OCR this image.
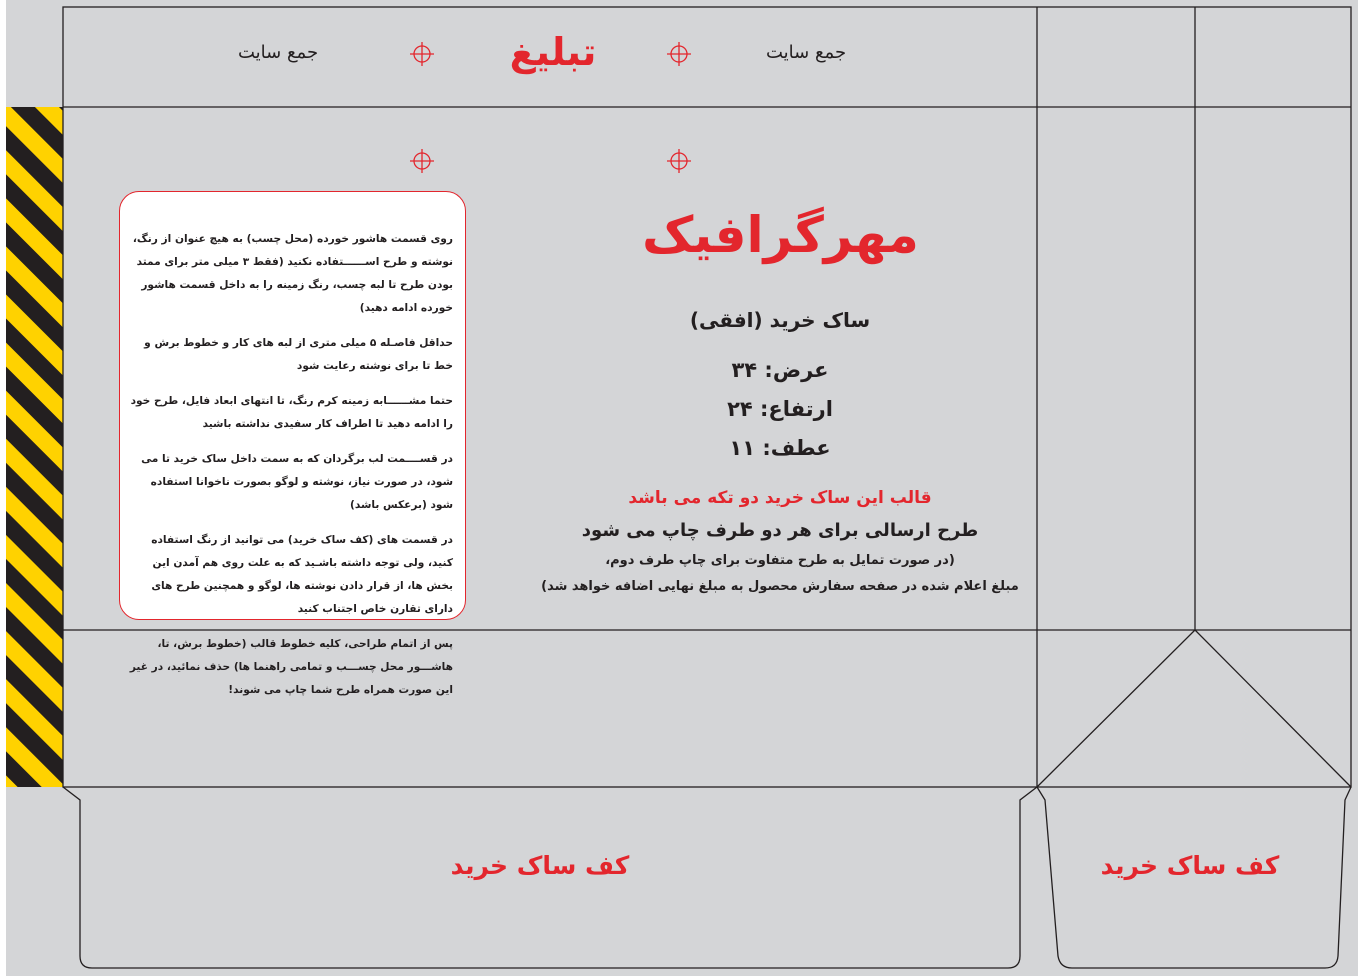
تبلیغ
ﺟﻤﻊ ﺳﺎﯾﺖ	ﺟﻤﻊ ﺳﺎﯾﺖ
مهرگرافیک
ساک خرید (افقی)
عرض: ۳۴
ارتفاع: ۲۴
عطف: ۱۱
قالب این ساک خرید دو تکه می باشد
طرح ارسالی برای هر دو طرف چاپ می شود
(در صورت تمایل به طرح متفاوت برای چاپ طرف دوم،
مبلغ اعلام شده در صفحه سفارش محصول به مبلغ نهایی اضافه خواهد شد)

روی قسمت هاشور خورده (محل چسب) به هیچ عنوان از رنگ، نوشته و طرح اســــــتفاده نکنید (فقط ۳ میلی متر برای ممتد بودن طرح تا لبه چسب، رنگ زمینه را به داخل قسمت هاشور خورده ادامه دهید)

حداقل فاصـله ۵ میلی متری از لبه های کار و خطوط برش و خط تا برای نوشته رعایت شود

حتما مشــــــابه زمینه کرم رنگ، تا انتهای ابعاد فایل، طرح خود را ادامه دهید تا اطراف کار سفیدی نداشته باشید

در قســــمت لب برگردان که به سمت داخل ساک خرید تا می شود، در صورت نیاز، نوشته و لوگو بصورت ناخوانا استفاده شود (برعکس باشد)

در قسمت های (کف ساک خرید) می توانید از رنگ استفاده کنید، ولی توجه داشته باشـید که به علت روی هم آمدن این بخش ها، از قرار دادن نوشته ها، لوگو و همچنین طرح های دارای تقارن خاص اجتناب کنید

پس از اتمام طراحی، کلیه خطوط قالب (خطوط برش، تا، هاشـــور محل چســـب و تمامی راهنما ها) حذف نمائید، در غیر این صورت همراه طرح شما چاپ می شوند!

کف ساک خرید	کف ساک خرید
